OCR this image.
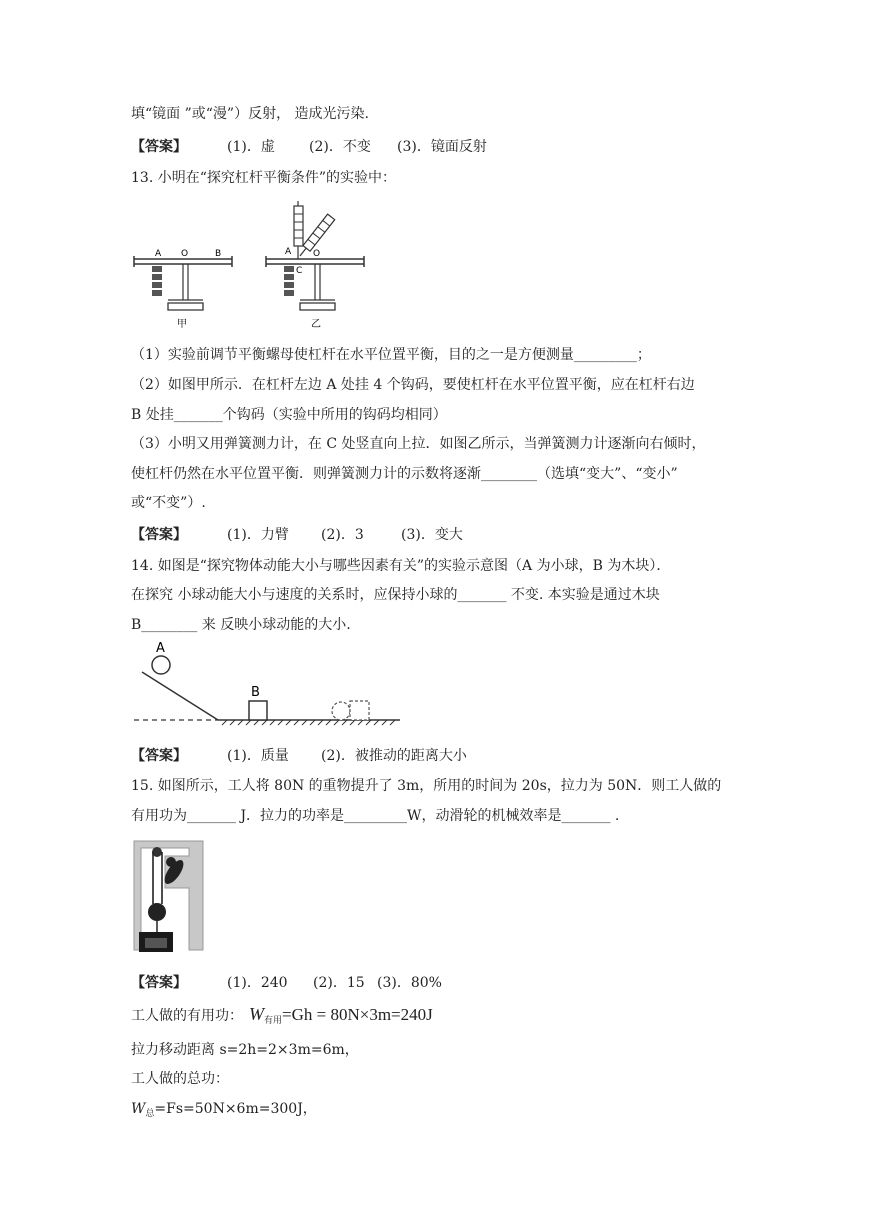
填“镜面 ”或“漫”）反射， 造成光污染.
【答案】	(1)．虚 (2)．不变 (3)．镜面反射
13. 小明在“探究杠杆平衡条件”的实验中：
A O	B
甲
A O
C
乙
（1）实验前调节平衡螺母使杠杆在水平位置平衡，目的之一是方便测量_________；
（2）如图甲所示．在杠杆左边 A 处挂 4 个钩码，要使杠杆在水平位置平衡，应在杠杆右边
B 处挂_______个钩码（实验中所用的钩码均相同）
（3）小明又用弹簧测力计，在 C 处竖直向上拉．如图乙所示，当弹簧测力计逐渐向右倾时，
使杠杆仍然在水平位置平衡．则弹簧测力计的示数将逐渐________（选填“变大”、“变小”
或“不变”）.
【答案】	(1)．力臂 (2)．3	(3)．变大
14. 如图是“探究物体动能大小与哪些因素有关”的实验示意图（A 为小球，B 为木块）．
在探究 小球动能大小与速度的关系时，应保持小球的_______ 不变. 本实验是通过木块
B________ 来 反映小球动能的大小.
A
B
【答案】	(1)．质量 (2)．被推动的距离大小
15. 如图所示，工人将 80N 的重物提升了 3m，所用的时间为 20s，拉力为 50N．则工人做的
有用功为_______ J．拉力的功率是_________W，动滑轮的机械效率是_______ .
【答案】	(1)．240 (2)．15 (3)．80%
工人做的有用功： $W_{有用}=Gh = 80N\times 3m=240J$
拉力移动距离 s=2h=2×3m=6m，
工人做的总功：
$W_总=Fs=50N\times 6m=300J$，
